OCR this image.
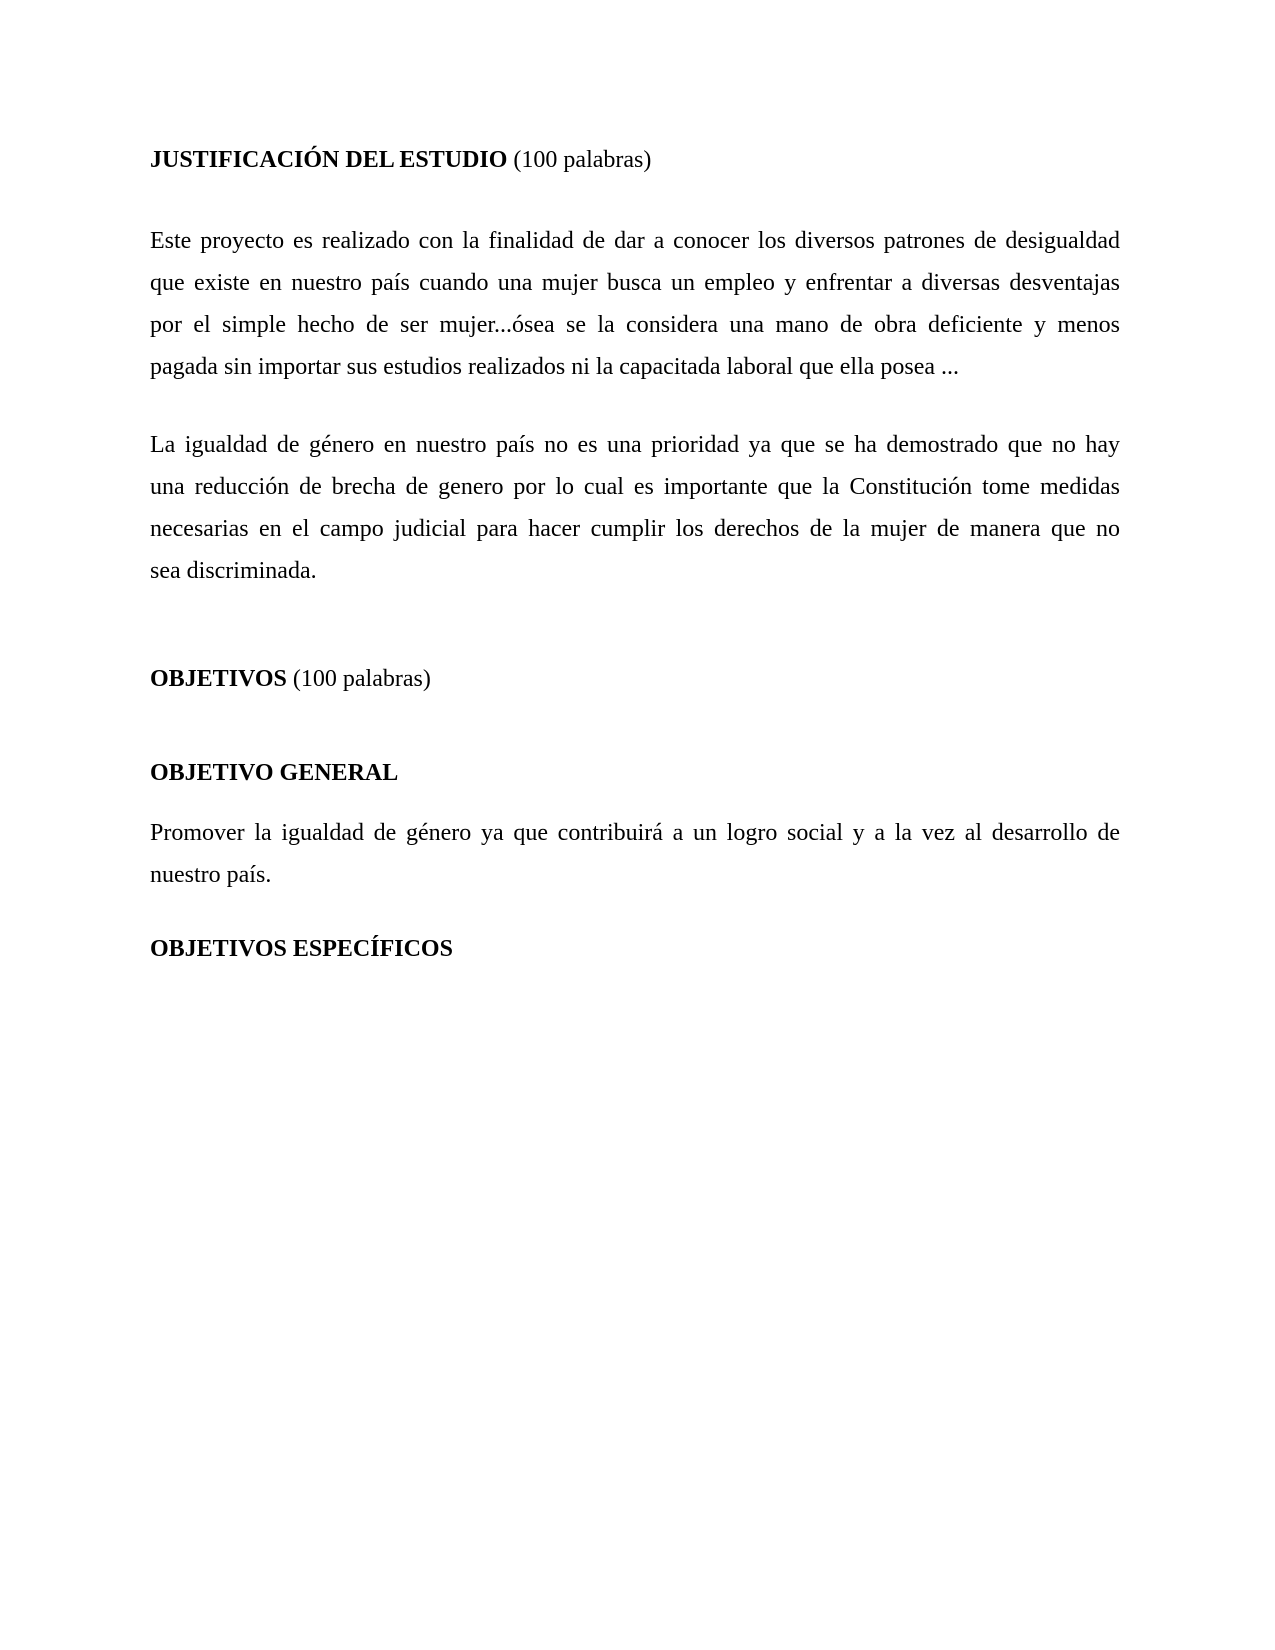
JUSTIFICACIÓN DEL ESTUDIO (100 palabras)

Este proyecto es realizado con la finalidad de dar a conocer los diversos patrones de desigualdad
que existe en nuestro país cuando una mujer busca un empleo y enfrentar a diversas desventajas
por el simple hecho de ser mujer...ósea se la considera una mano de obra deficiente y menos
pagada sin importar sus estudios realizados ni la capacitada laboral que ella posea ...
La igualdad de género en nuestro país no es una prioridad ya que se ha demostrado que no hay
una reducción de brecha de genero por lo cual es importante que la Constitución tome medidas
necesarias en el campo judicial para hacer cumplir los derechos de la mujer de manera que no
sea discriminada.

OBJETIVOS (100 palabras)

OBJETIVO GENERAL

Promover la igualdad de género ya que contribuirá a un logro social y a la vez al desarrollo de
nuestro país.

OBJETIVOS ESPECÍFICOS
